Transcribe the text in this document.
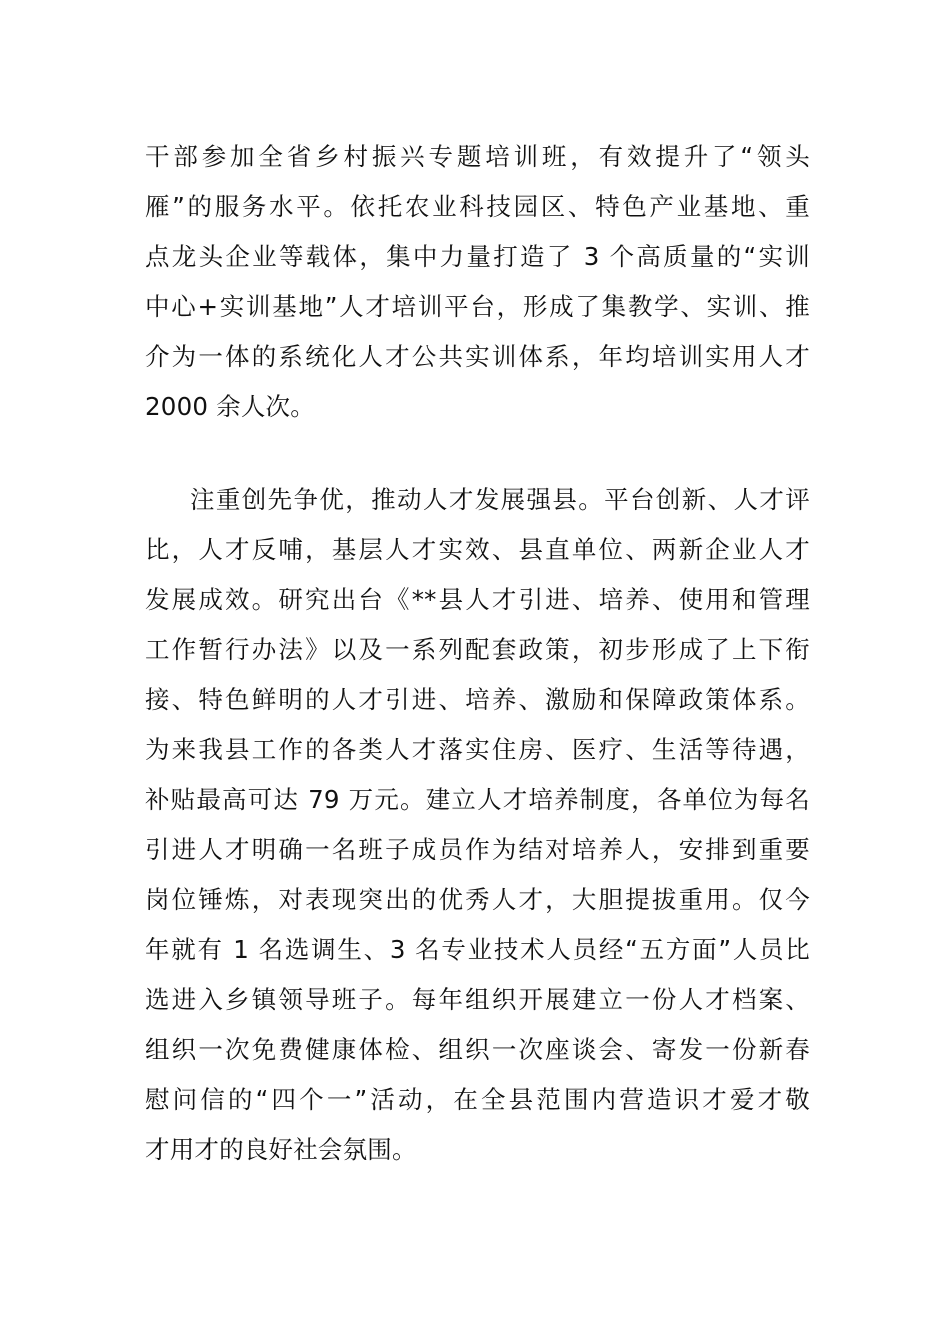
干部参加全省乡村振兴专题培训班，有效提升了“领头
雁”的服务水平。依托农业科技园区、特色产业基地、重
点龙头企业等载体，集中力量打造了 3 个高质量的“实训
中心+实训基地”人才培训平台，形成了集教学、实训、推
介为一体的系统化人才公共实训体系，年均培训实用人才
2000 余人次。
注重创先争优，推动人才发展强县。平台创新、人才评
比，人才反哺，基层人才实效、县直单位、两新企业人才
发展成效。研究出台《**县人才引进、培养、使用和管理
工作暂行办法》以及一系列配套政策，初步形成了上下衔
接、特色鲜明的人才引进、培养、激励和保障政策体系。
为来我县工作的各类人才落实住房、医疗、生活等待遇，
补贴最高可达 79 万元。建立人才培养制度，各单位为每名
引进人才明确一名班子成员作为结对培养人，安排到重要
岗位锤炼，对表现突出的优秀人才，大胆提拔重用。仅今
年就有 1 名选调生、3 名专业技术人员经“五方面”人员比
选进入乡镇领导班子。每年组织开展建立一份人才档案、
组织一次免费健康体检、组织一次座谈会、寄发一份新春
慰问信的“四个一”活动，在全县范围内营造识才爱才敬
才用才的良好社会氛围。
